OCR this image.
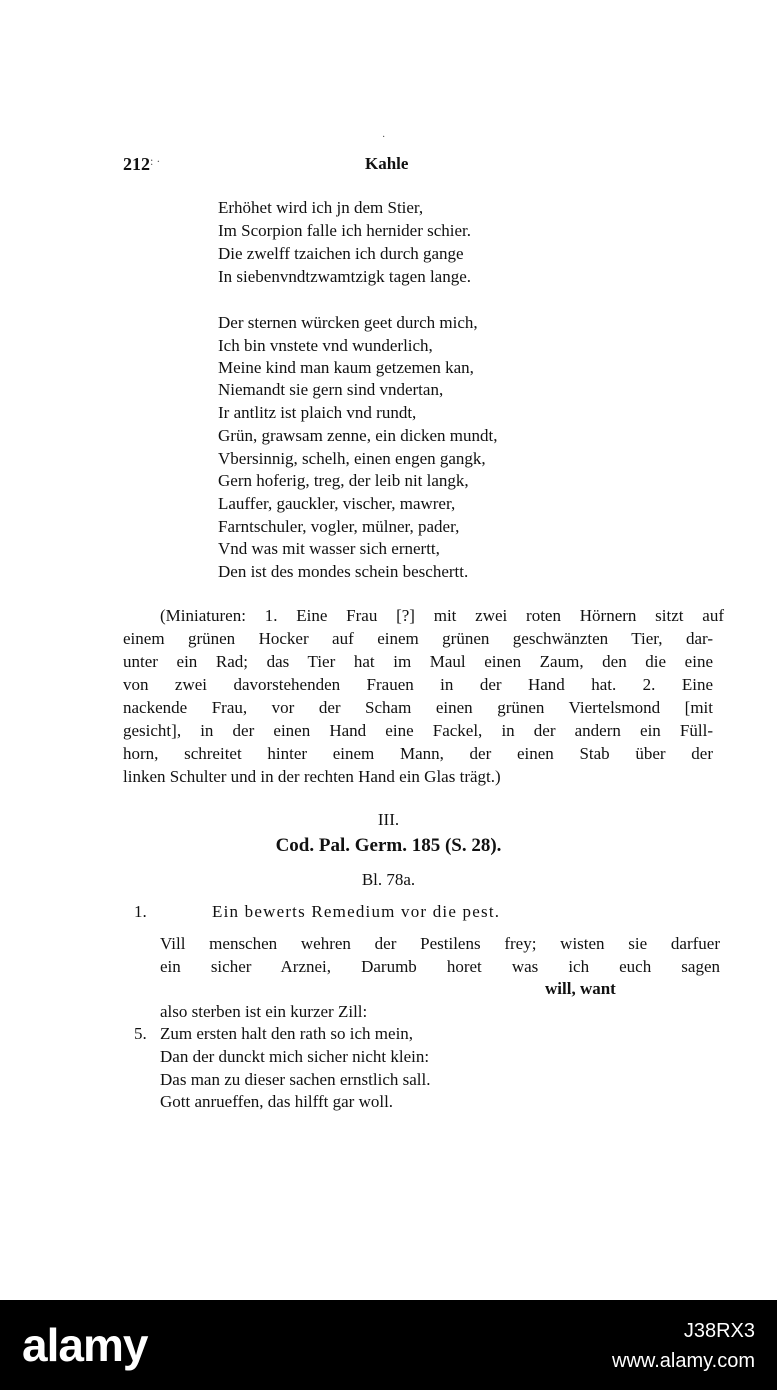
·
212 : ·	Kahle
Erhöhet wird ich jn dem Stier,
Im Scorpion falle ich hernider schier.
Die zwelff tzaichen ich durch gange
In siebenvndtzwamtzigk tagen lange.
Der sternen würcken geet durch mich,
Ich bin vnstete vnd wunderlich,
Meine kind man kaum getzemen kan,
Niemandt sie gern sind vndertan,
Ir antlitz ist plaich vnd rundt,
Grün, grawsam zenne, ein dicken mundt,
Vbersinnig, schelh, einen engen gangk,
Gern hoferig, treg, der leib nit langk,
Lauffer, gauckler, vischer, mawrer,
Farntschuler, vogler, mülner, pader,
Vnd was mit wasser sich ernertt,
Den ist des mondes schein beschertt.
(Miniaturen: 1. Eine Frau [?] mit zwei roten Hörnern sitzt auf
einem grünen Hocker auf einem grünen geschwänzten Tier, dar-
unter ein Rad; das Tier hat im Maul einen Zaum, den die eine
von zwei davorstehenden Frauen in der Hand hat. 2. Eine
nackende Frau, vor der Scham einen grünen Viertelsmond [mit
gesicht], in der einen Hand eine Fackel, in der andern ein Füll-
horn, schreitet hinter einem Mann, der einen Stab über der
linken Schulter und in der rechten Hand ein Glas trägt.)
III.
Cod. Pal. Germ. 185 (S. 28).
Bl. 78a.
1.	Ein bewerts Remedium vor die pest.
Vill menschen wehren der Pestilens frey; wisten sie darfuer
ein sicher Arznei, Darumb horet was ich euch sagen
will, want
also sterben ist ein kurzer Zill:
5. Zum ersten halt den rath so ich mein,
Dan der dunckt mich sicher nicht klein:
Das man zu dieser sachen ernstlich sall.
Gott anrueffen, das hilfft gar woll.
alamy	J38RX3
www.alamy.com
